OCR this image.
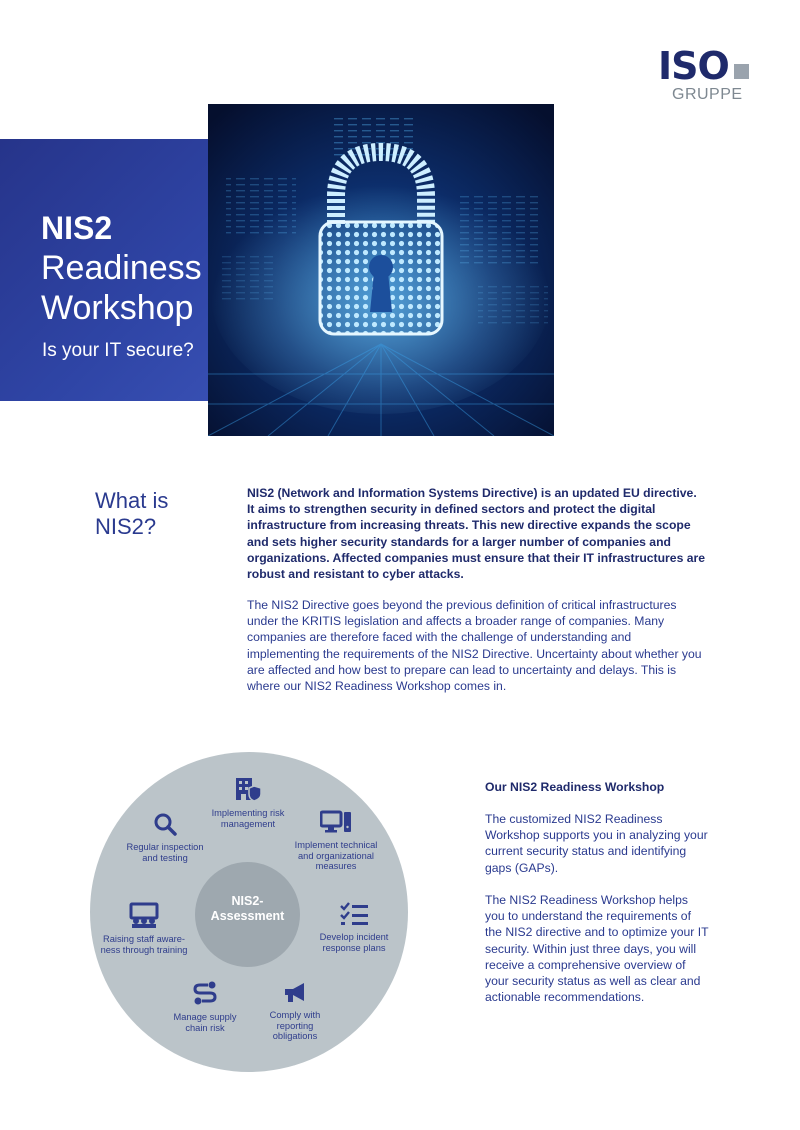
ISO
GRUPPE
NIS2
Readiness
Workshop
Is your IT secure?
What is
NIS2?

NIS2 (Network and Information Systems Directive) is an updated EU directive. It aims to strengthen security in defined sectors and protect the digital infrastructure from increasing threats. This new directive expands the scope and sets higher security standards for a larger number of companies and organizations. Affected companies must ensure that their IT infrastructures are robust and resistant to cyber attacks.

The NIS2 Directive goes beyond the previous definition of critical infrastructures under the KRITIS legislation and affects a broader range of companies. Many companies are therefore faced with the challenge of understanding and implementing the requirements of the NIS2 Directive. Uncertainty about whether you are affected and how best to prepare can lead to uncertainty and delays. This is where our NIS2 Readiness Workshop comes in.

NIS2-
Assessment
Implementing risk
management
Implement technical
and organizational
measures
Develop incident
response plans
Comply with
reporting
obligations
Manage supply
chain risk
Raising staff aware-
ness through training
Regular inspection
and testing

Our NIS2 Readiness Workshop

The customized NIS2 Readiness Workshop supports you in analyzing your current security status and identifying gaps (GAPs).

The NIS2 Readiness Workshop helps you to understand the requirements of the NIS2 directive and to optimize your IT security. Within just three days, you will receive a comprehensive overview of your security status as well as clear and actionable recommendations.
